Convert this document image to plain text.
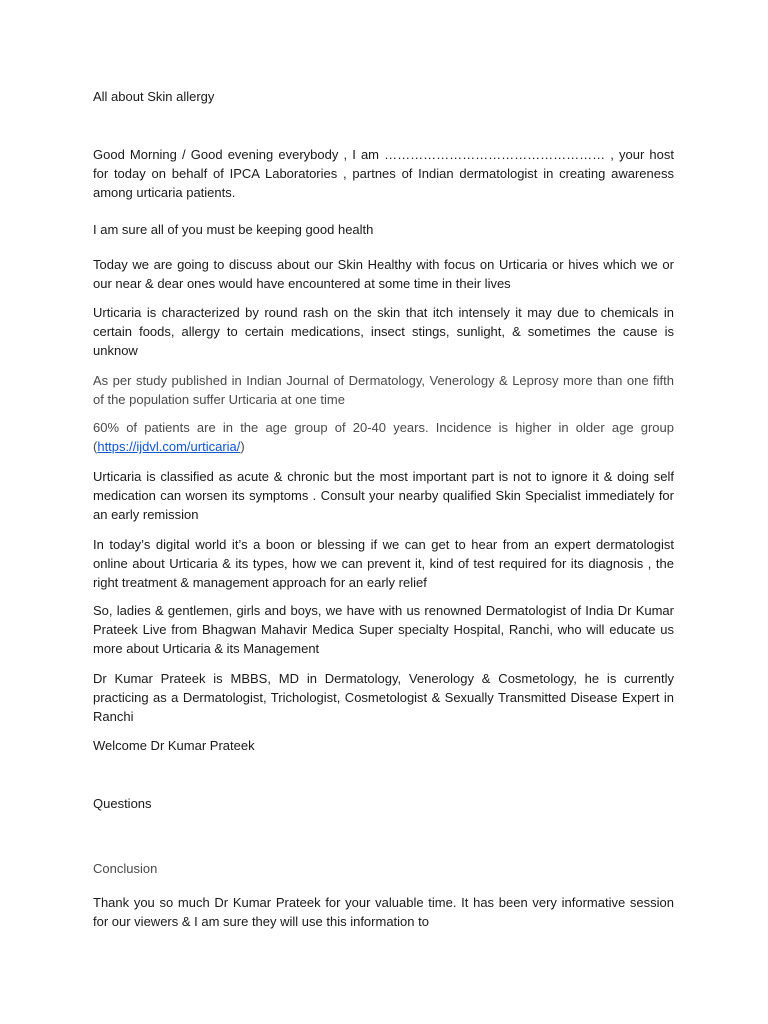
All about Skin allergy

Good Morning / Good evening everybody , I am …………………………………………… , your host for today on behalf of IPCA Laboratories , partnes of Indian dermatologist in creating awareness among urticaria patients.

I am sure all of you must be keeping good health

Today we are going to discuss about our Skin Healthy with focus on Urticaria or hives which we or our near & dear ones would have encountered at some time in their lives

Urticaria is characterized by round rash on the skin that itch intensely it may due to chemicals in certain foods, allergy to certain medications, insect stings, sunlight, & sometimes the cause is unknow

As per study published in Indian Journal of Dermatology, Venerology & Leprosy more than one fifth of the population suffer Urticaria at one time

60% of patients are in the age group of 20-40 years. Incidence is higher in older age group (https://ijdvl.com/urticaria/)

Urticaria is classified as acute & chronic but the most important part is not to ignore it & doing self medication can worsen its symptoms . Consult your nearby qualified Skin Specialist immediately for an early remission

In today’s digital world it’s a boon or blessing if we can get to hear from an expert dermatologist online about Urticaria & its types, how we can prevent it, kind of test required for its diagnosis , the right treatment & management approach for an early relief

So, ladies & gentlemen, girls and boys, we have with us renowned Dermatologist of India Dr Kumar Prateek Live from Bhagwan Mahavir Medica Super specialty Hospital, Ranchi, who will educate us more about Urticaria & its Management

Dr Kumar Prateek is MBBS, MD in Dermatology, Venerology & Cosmetology, he is currently practicing as a Dermatologist, Trichologist, Cosmetologist & Sexually Transmitted Disease Expert in Ranchi

Welcome Dr Kumar Prateek

Questions

Conclusion

Thank you so much Dr Kumar Prateek for your valuable time. It has been very informative session for our viewers & I am sure they will use this information to
